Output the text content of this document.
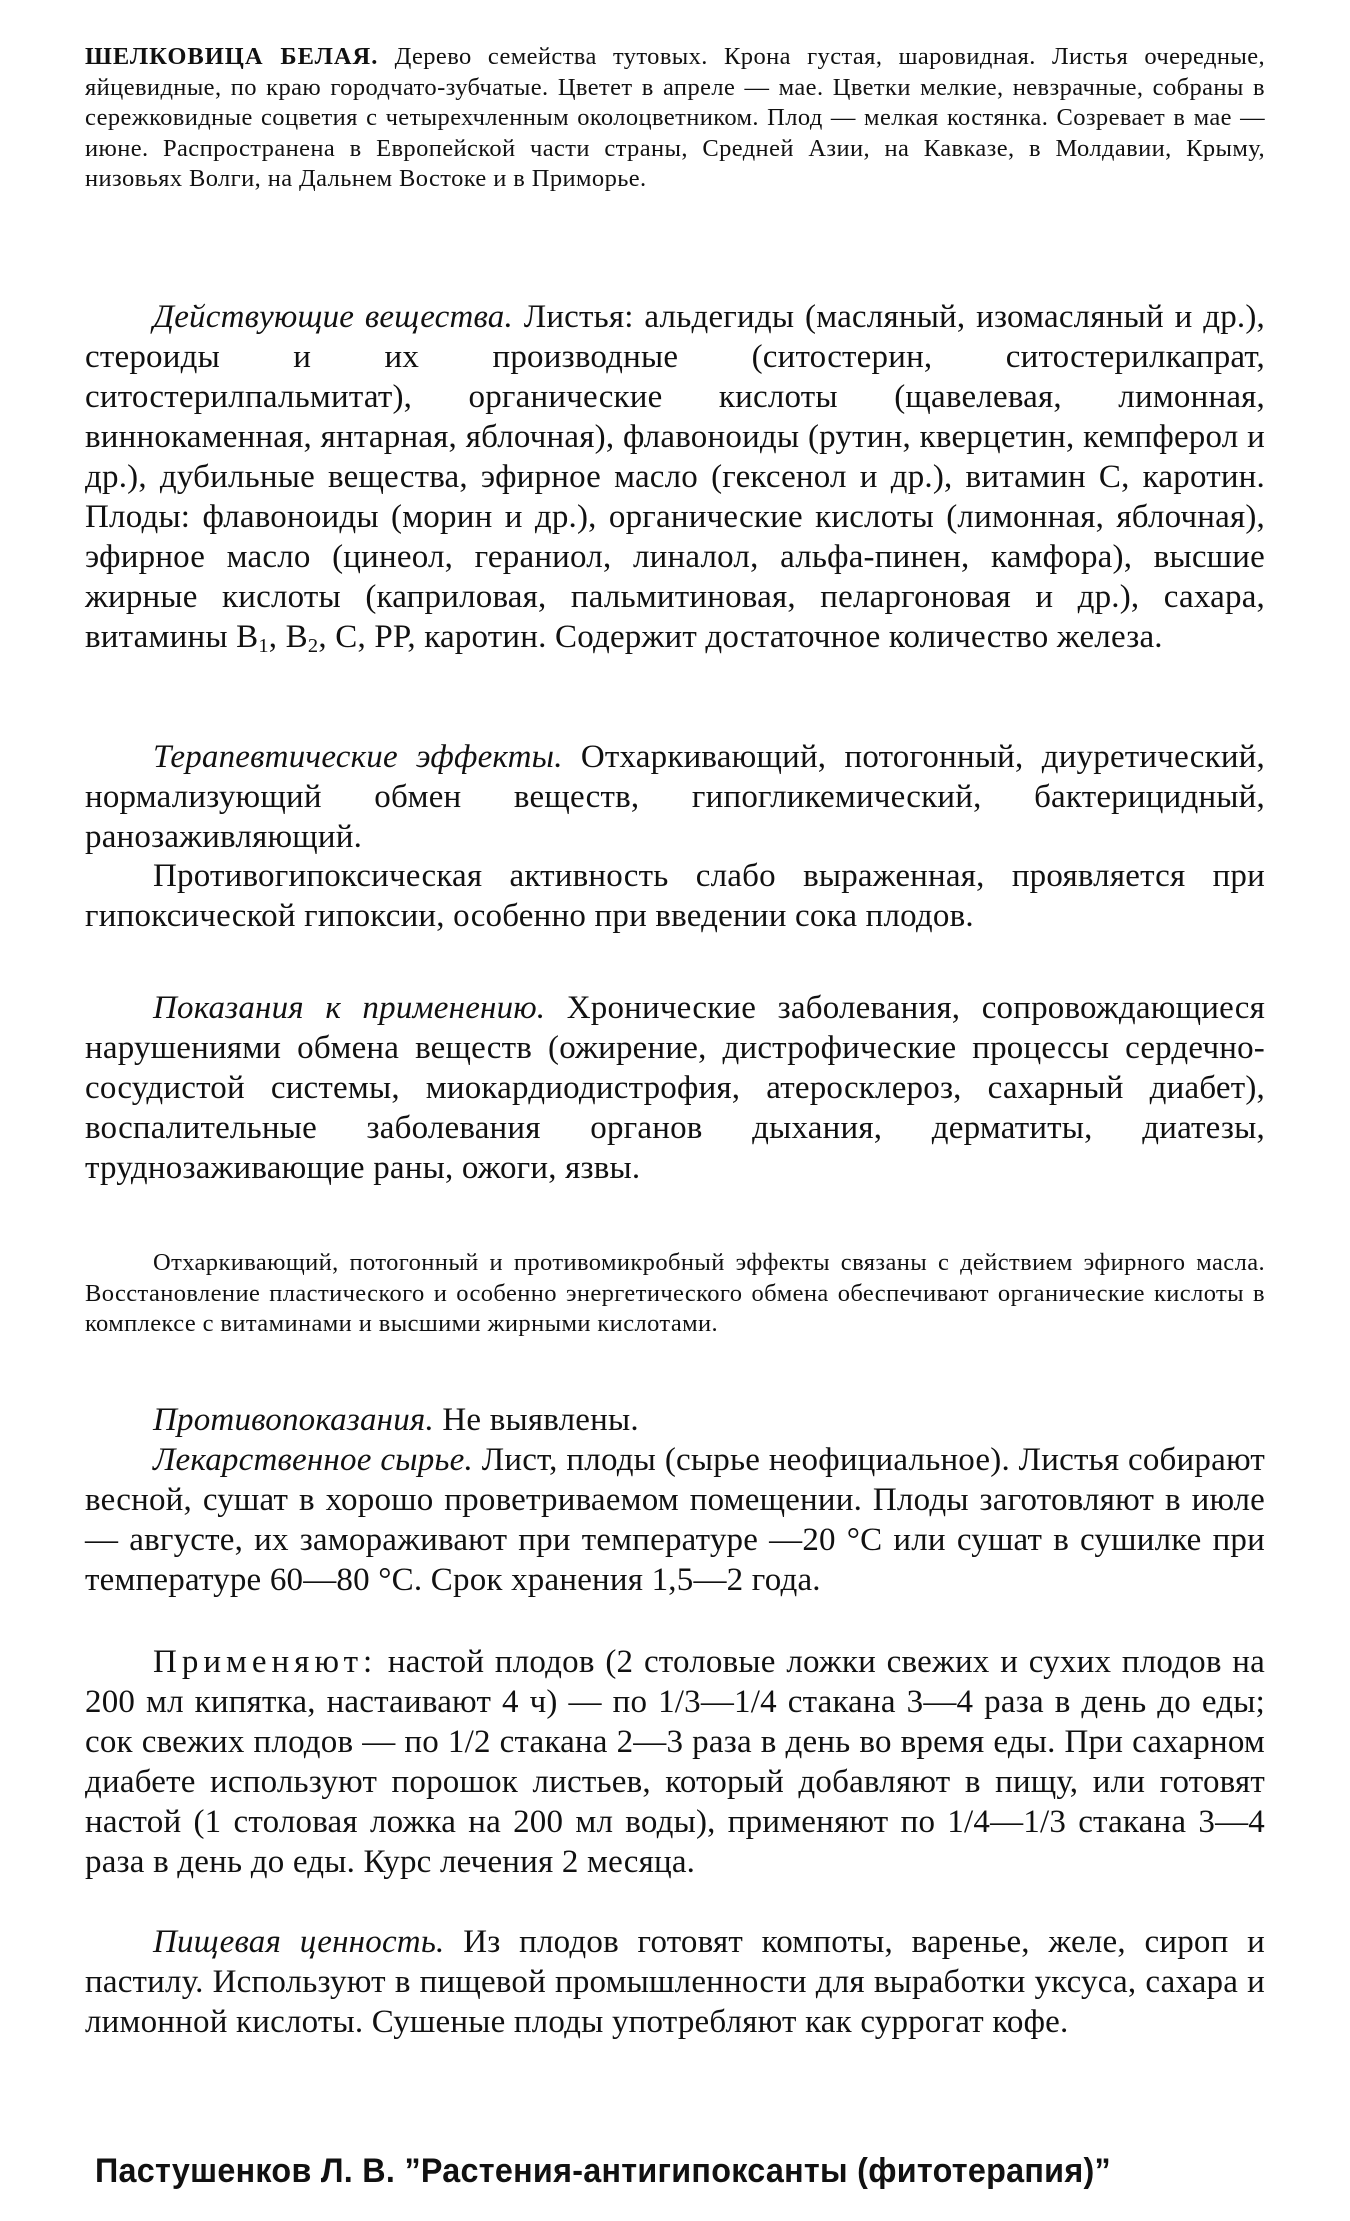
ШЕЛКОВИЦА БЕЛАЯ. Дерево семейства тутовых. Крона густая, шаровидная. Листья очередные, яйцевидные, по краю городчато-зубчатые. Цветет в апреле — мае. Цветки мелкие, невзрачные, собраны в сережковидные соцветия с четырехчленным околоцветником. Плод — мелкая костянка. Созревает в мае — июне. Распространена в Европейской части страны, Средней Азии, на Кавказе, в Молдавии, Крыму, низовьях Волги, на Дальнем Востоке и в Приморье.

Действующие вещества. Листья: альдегиды (масляный, изомасляный и др.), стероиды и их производные (ситостерин, ситостерилкапрат, ситостерилпальмитат), органические кислоты (щавелевая, лимонная, виннокаменная, янтарная, яблочная), флавоноиды (рутин, кверцетин, кемпферол и др.), дубильные вещества, эфирное масло (гексенол и др.), витамин С, каротин. Плоды: флавоноиды (морин и др.), органические кислоты (лимонная, яблочная), эфирное масло (цинеол, гераниол, линалол, альфа-пинен, камфора), высшие жирные кислоты (каприловая, пальмитиновая, пеларгоновая и др.), сахара, витамины $В_1$, $В_2$, С, РР, каротин. Содержит достаточное количество железа.

Терапевтические эффекты. Отхаркивающий, потогонный, диуретический, нормализующий обмен веществ, гипогликемический, бактерицидный, ранозаживляющий.

Противогипоксическая активность слабо выраженная, проявляется при гипоксической гипоксии, особенно при введении сока плодов.

Показания к применению. Хронические заболевания, сопровождающиеся нарушениями обмена веществ (ожирение, дистрофические процессы сердечно-сосудистой системы, миокардиодистрофия, атеросклероз, сахарный диабет), воспалительные заболевания органов дыхания, дерматиты, диатезы, труднозаживающие раны, ожоги, язвы.

Отхаркивающий, потогонный и противомикробный эффекты связаны с действием эфирного масла. Восстановление пластического и особенно энергетического обмена обеспечивают органические кислоты в комплексе с витаминами и высшими жирными кислотами.

Противопоказания. Не выявлены.

Лекарственное сырье. Лист, плоды (сырье неофициальное). Листья собирают весной, сушат в хорошо проветриваемом помещении. Плоды заготовляют в июле — августе, их замораживают при температуре —20 °С или сушат в сушилке при температуре 60—80 °С. Срок хранения 1,5—2 года.

Применяют: настой плодов (2 столовые ложки свежих и сухих плодов на 200 мл кипятка, настаивают 4 ч) — по 1/3—1/4 стакана 3—4 раза в день до еды; сок свежих плодов — по 1/2 стакана 2—3 раза в день во время еды. При сахарном диабете используют порошок листьев, который добавляют в пищу, или готовят настой (1 столовая ложка на 200 мл воды), применяют по 1/4—1/3 стакана 3—4 раза в день до еды. Курс лечения 2 месяца.

Пищевая ценность. Из плодов готовят компоты, варенье, желе, сироп и пастилу. Используют в пищевой промышленности для выработки уксуса, сахара и лимонной кислоты. Сушеные плоды употребляют как суррогат кофе.

Пастушенков Л. В. ”Растения-антигипоксанты (фитотерапия)”
